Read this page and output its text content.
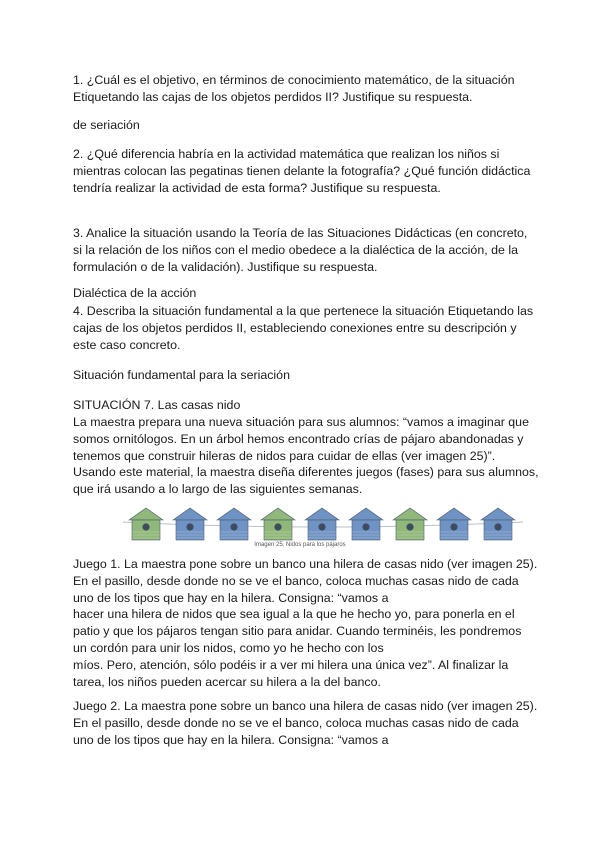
1. ¿Cuál es el objetivo, en términos de conocimiento matemático, de la situación
Etiquetando las cajas de los objetos perdidos II? Justifique su respuesta.

de seriación

2. ¿Qué diferencia habría en la actividad matemática que realizan los niños si
mientras colocan las pegatinas tienen delante la fotografía? ¿Qué función didáctica
tendría realizar la actividad de esta forma? Justifique su respuesta.

3. Analice la situación usando la Teoría de las Situaciones Didácticas (en concreto,
si la relación de los niños con el medio obedece a la dialéctica de la acción, de la
formulación o de la validación). Justifique su respuesta.

Dialéctica de la acción

4. Describa la situación fundamental a la que pertenece la situación Etiquetando las
cajas de los objetos perdidos II, estableciendo conexiones entre su descripción y
este caso concreto.

Situación fundamental para la seriación

SITUACIÓN 7. Las casas nido

La maestra prepara una nueva situación para sus alumnos: “vamos a imaginar que
somos ornitólogos. En un árbol hemos encontrado crías de pájaro abandonadas y
tenemos que construir hileras de nidos para cuidar de ellas (ver imagen 25)”.
Usando este material, la maestra diseña diferentes juegos (fases) para sus alumnos,
que irá usando a lo largo de las siguientes semanas.

Imagen 25. Nidos para los pájaros

Juego 1. La maestra pone sobre un banco una hilera de casas nido (ver imagen 25).
En el pasillo, desde donde no se ve el banco, coloca muchas casas nido de cada
uno de los tipos que hay en la hilera. Consigna: “vamos a
hacer una hilera de nidos que sea igual a la que he hecho yo, para ponerla en el
patio y que los pájaros tengan sitio para anidar. Cuando terminéis, les pondremos
un cordón para unir los nidos, como yo he hecho con los
míos. Pero, atención, sólo podéis ir a ver mi hilera una única vez”. Al finalizar la
tarea, los niños pueden acercar su hilera a la del banco.

Juego 2. La maestra pone sobre un banco una hilera de casas nido (ver imagen 25).
En el pasillo, desde donde no se ve el banco, coloca muchas casas nido de cada
uno de los tipos que hay en la hilera. Consigna: “vamos a
